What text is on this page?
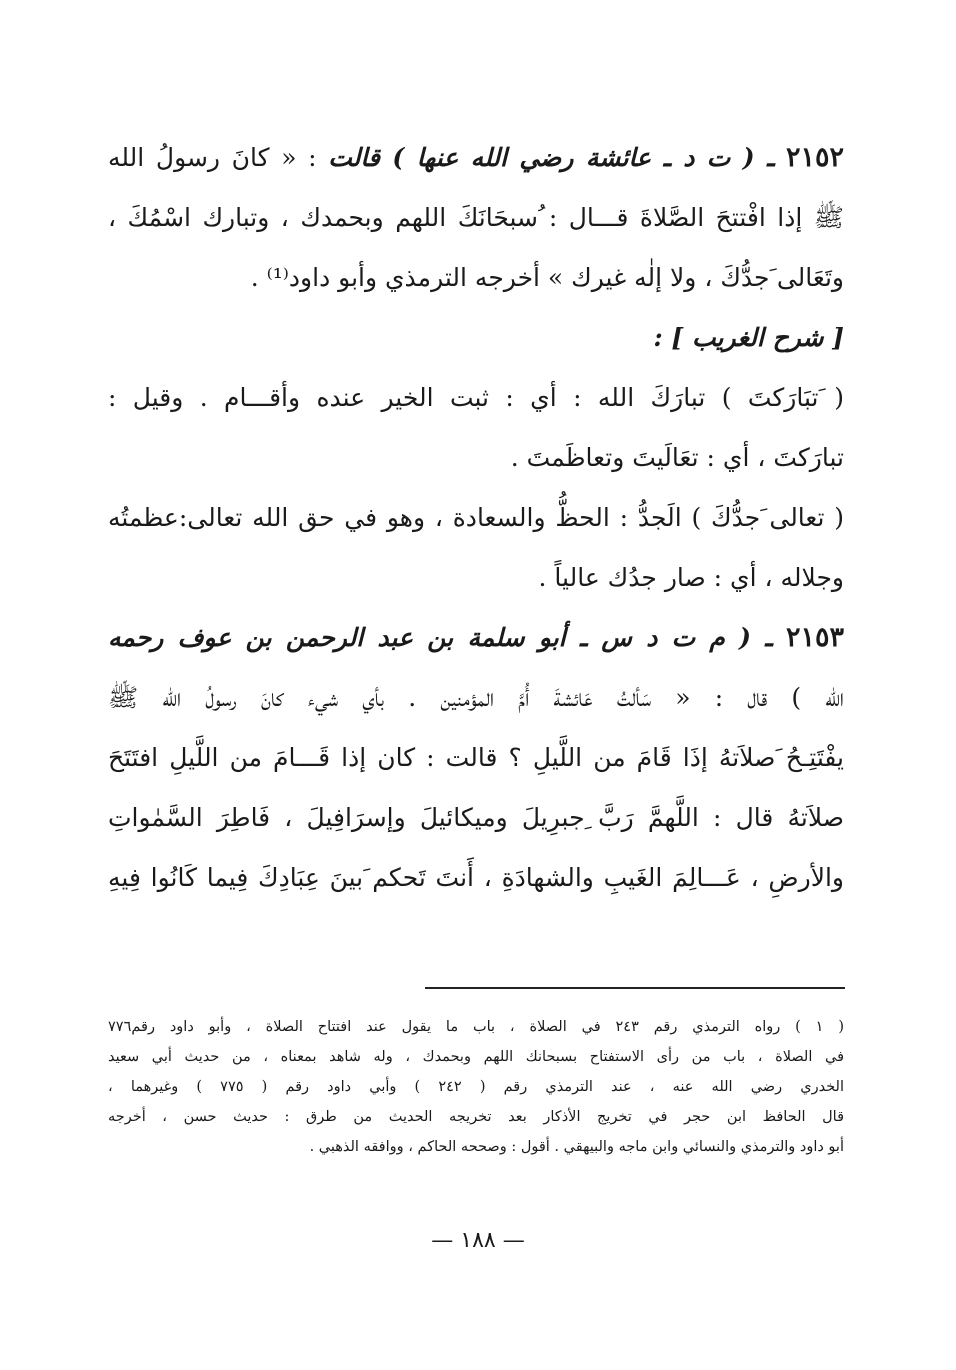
٢١٥٢ ـ ( ت د ـ عائشة رضي الله عنها ) قالت : « كانَ رسولُ الله
ﷺ إذا افْتتحَ الصَّلاةَ قـــال : ُسبحَانَكَ اللهم وبحمدك ، وتبارك اسْمُكَ ،
وتَعَالى َجدُّكَ ، ولا إلٰه غيرك » أخرجه الترمذي وأبو داود⁽¹⁾ .
[ شرح الغريب ] :
( َتبَارَكتَ ) تبارَكَ الله : أي : ثبت الخير عنده وأقـــام . وقيل :
تبارَكتَ ، أي : تعَالَيتَ وتعاظَمتَ .
( تعالى َجدُّكَ ) الَجدُّ : الحظُّ والسعادة ، وهو في حق الله تعالى:عظمتُه
وجلاله ، أي : صار جدُك عالياً .
٢١٥٣ ـ ( م ت د س ـ أبو سلمة بن عبد الرحمن بن عوف رحمه
الله ) قال : « سَألتُ عَائشةَ أُمَّ المؤمنين . بأي شيء كانَ رسولُ الله ﷺ
َيفْتَتِـحُ َصلاَتهُ إذَا قَامَ من اللَّيلِ ؟ قالت : كان إذا قَـــامَ من اللَّيلِ افتَتَحَ
َصلاَتهُ قال : اللَّهمَّ رَبَّ ِجبرِيلَ وميكائيلَ وإسرَافِيلَ ، فَاطِرَ السَّمٰواتِ
والأرضِ ، عَـــالِمَ الغَيبِ والشهادَةِ ، أَنتَ تَحكم َبينَ عِبَادِكَ فِيما كَانُوا فِيهِ
( ١ ) رواه الترمذي رقم ٢٤٣ في الصلاة ، باب ما يقول عند افتتاح الصلاة ، وأبو داود رقم٧٧٦
في الصلاة ، باب من رأى الاستفتاح بسبحانك اللهم وبحمدك ، وله شاهد بمعناه ، من حديث أبي سعيد
الخدري رضي الله عنه ، عند الترمذي رقم ( ٢٤٢ ) وأبي داود رقم ( ٧٧٥ ) وغيرهما ،
قال الحافظ ابن حجر في تخريج الأذكار بعد تخريجه الحديث من طرق : حديث حسن ، أخرجه
أبو داود والترمذي والنسائي وابن ماجه والبيهقي . أقول : وصححه الحاكم ، ووافقه الذهبي .
— ١٨٨ —
